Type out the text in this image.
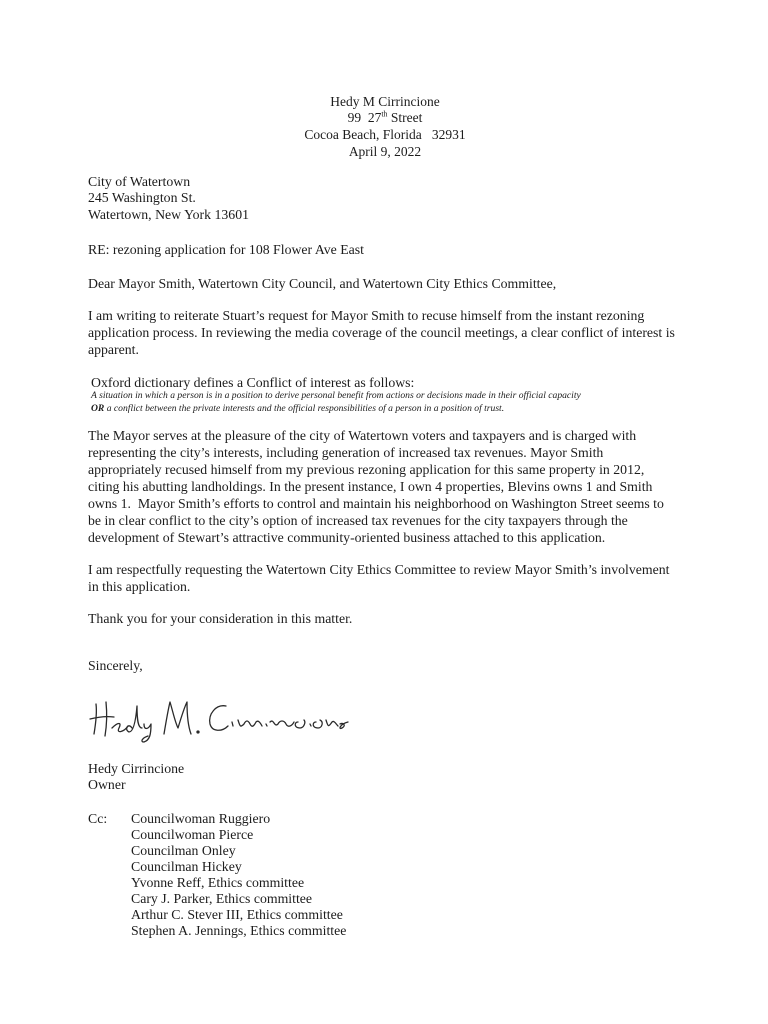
Hedy M Cirrincione
99 27th Street
Cocoa Beach, Florida   32931
April 9, 2022
City of Watertown
245 Washington St.
Watertown, New York 13601
RE: rezoning application for 108 Flower Ave East
Dear Mayor Smith, Watertown City Council, and Watertown City Ethics Committee,
I am writing to reiterate Stuart’s request for Mayor Smith to recuse himself from the instant rezoning
application process. In reviewing the media coverage of the council meetings, a clear conflict of interest is
apparent.
Oxford dictionary defines a Conflict of interest as follows:
A situation in which a person is in a position to derive personal benefit from actions or decisions made in their official capacity
OR a conflict between the private interests and the official responsibilities of a person in a position of trust.
The Mayor serves at the pleasure of the city of Watertown voters and taxpayers and is charged with
representing the city’s interests, including generation of increased tax revenues. Mayor Smith
appropriately recused himself from my previous rezoning application for this same property in 2012,
citing his abutting landholdings. In the present instance, I own 4 properties, Blevins owns 1 and Smith
owns 1.  Mayor Smith’s efforts to control and maintain his neighborhood on Washington Street seems to
be in clear conflict to the city’s option of increased tax revenues for the city taxpayers through the
development of Stewart’s attractive community-oriented business attached to this application.
I am respectfully requesting the Watertown City Ethics Committee to review Mayor Smith’s involvement
in this application.
Thank you for your consideration in this matter.
Sincerely,
Hedy Cirrincione
Owner
Cc: Councilwoman Ruggiero
Councilwoman Pierce
Councilman Onley
Councilman Hickey
Yvonne Reff, Ethics committee
Cary J. Parker, Ethics committee
Arthur C. Stever III, Ethics committee
Stephen A. Jennings, Ethics committee
